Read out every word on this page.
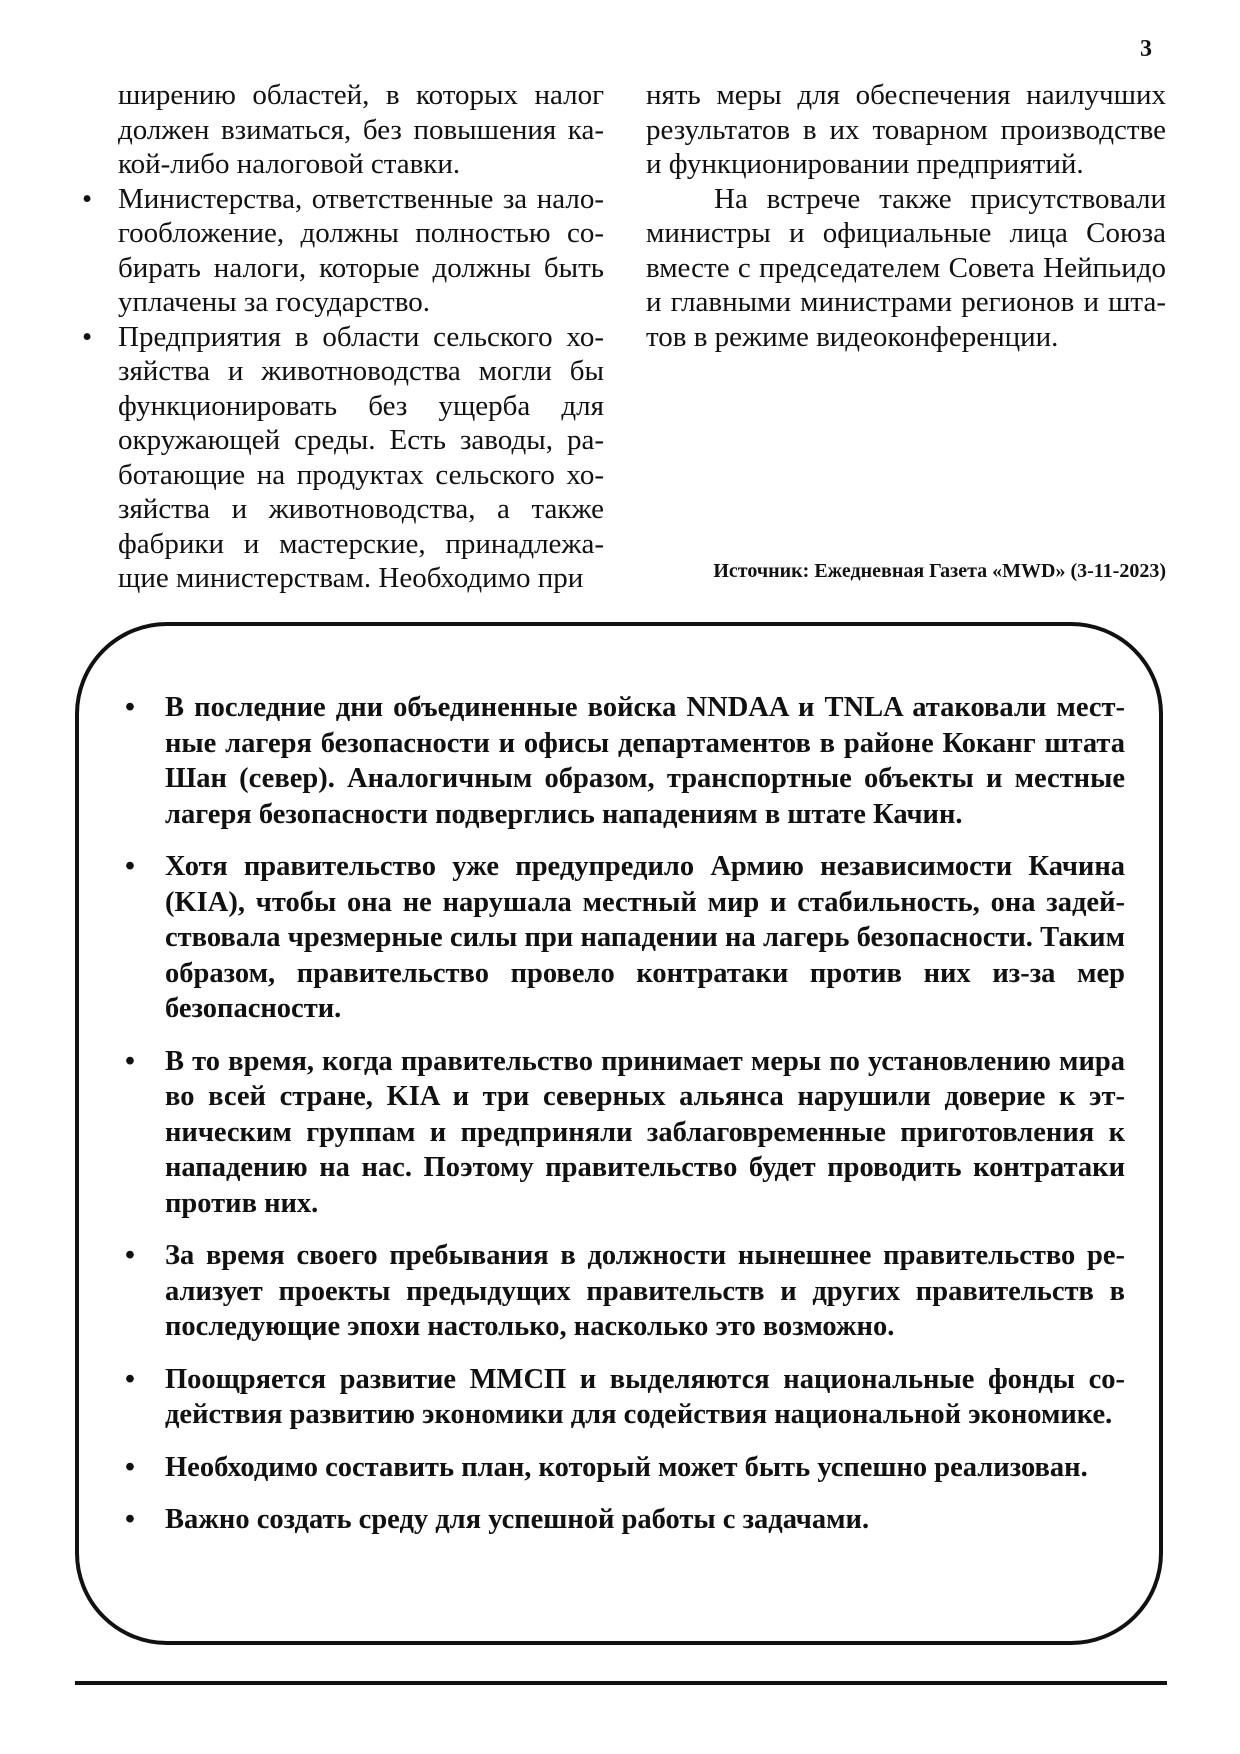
3

ширению областей, в которых налог должен взиматься, без повышения какой-либо налоговой ставки.

• Министерства, ответственные за налогообложение, должны полностью собирать налоги, которые должны быть уплачены за государство.
• Предприятия в области сельского хозяйства и животноводства могли бы функционировать без ущерба для окружающей среды. Есть заводы, работающие на продуктах сельского хозяйства и животноводства, а также фабрики и мастерские, принадлежащие министерствам. Необходимо при

нять меры для обеспечения наилучших результатов в их товарном производстве и функционировании предприятий.

На встрече также присутствовали министры и официальные лица Союза вместе с председателем Совета Нейпьидо и главными министрами регионов и штатов в режиме видеоконференции.

Источник: Ежедневная Газета «MWD» (3-11-2023)
• В последние дни объединенные войска NNDAA и TNLA атаковали местные лагеря безопасности и офисы департаментов в районе Коканг штата Шан (север). Аналогичным образом, транспортные объекты и местные лагеря безопасности подверглись нападениям в штате Качин.
• Хотя правительство уже предупредило Армию независимости Качина (KIA), чтобы она не нарушала местный мир и стабильность, она задействовала чрезмерные силы при нападении на лагерь безопасности. Таким образом, правительство провело контратаки против них из-за мер безопасности.
• В то время, когда правительство принимает меры по установлению мира во всей стране, KIA и три северных альянса нарушили доверие к этническим группам и предприняли заблаговременные приготовления к нападению на нас. Поэтому правительство будет проводить контратаки против них.
• За время своего пребывания в должности нынешнее правительство реализует проекты предыдущих правительств и других правительств в последующие эпохи настолько, насколько это возможно.
• Поощряется развитие ММСП и выделяются национальные фонды содействия развитию экономики для содействия национальной экономике.
• Необходимо составить план, который может быть успешно реализован.
• Важно создать среду для успешной работы с задачами.
